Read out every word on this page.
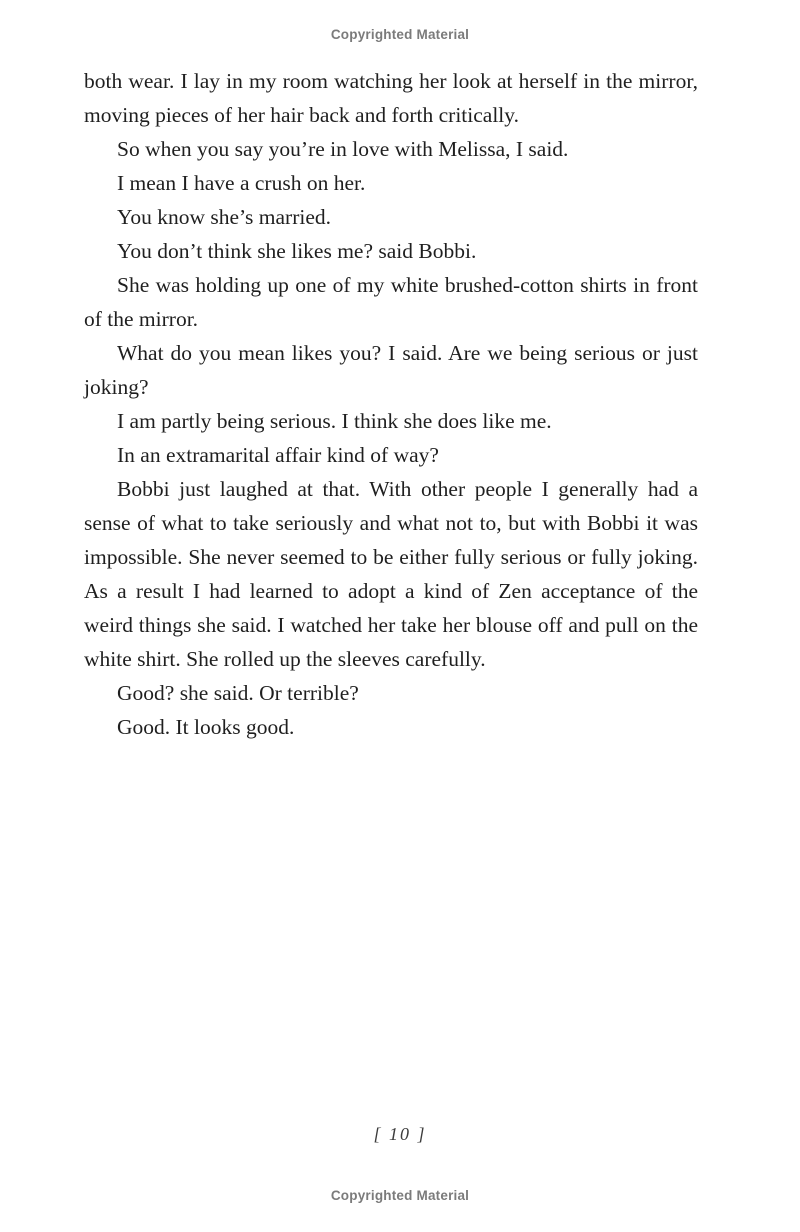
Copyrighted Material

both wear. I lay in my room watching her look at herself in the mirror, moving pieces of her hair back and forth critically.

So when you say you’re in love with Melissa, I said.

I mean I have a crush on her.

You know she’s married.

You don’t think she likes me? said Bobbi.

She was holding up one of my white brushed-cotton shirts in front of the mirror.

What do you mean likes you? I said. Are we being serious or just joking?

I am partly being serious. I think she does like me.

In an extramarital affair kind of way?

Bobbi just laughed at that. With other people I generally had a sense of what to take seriously and what not to, but with Bobbi it was impossible. She never seemed to be either fully serious or fully joking. As a result I had learned to adopt a kind of Zen acceptance of the weird things she said. I watched her take her blouse off and pull on the white shirt. She rolled up the sleeves carefully.

Good? she said. Or terrible?

Good. It looks good.

[ 10 ]
Copyrighted Material
